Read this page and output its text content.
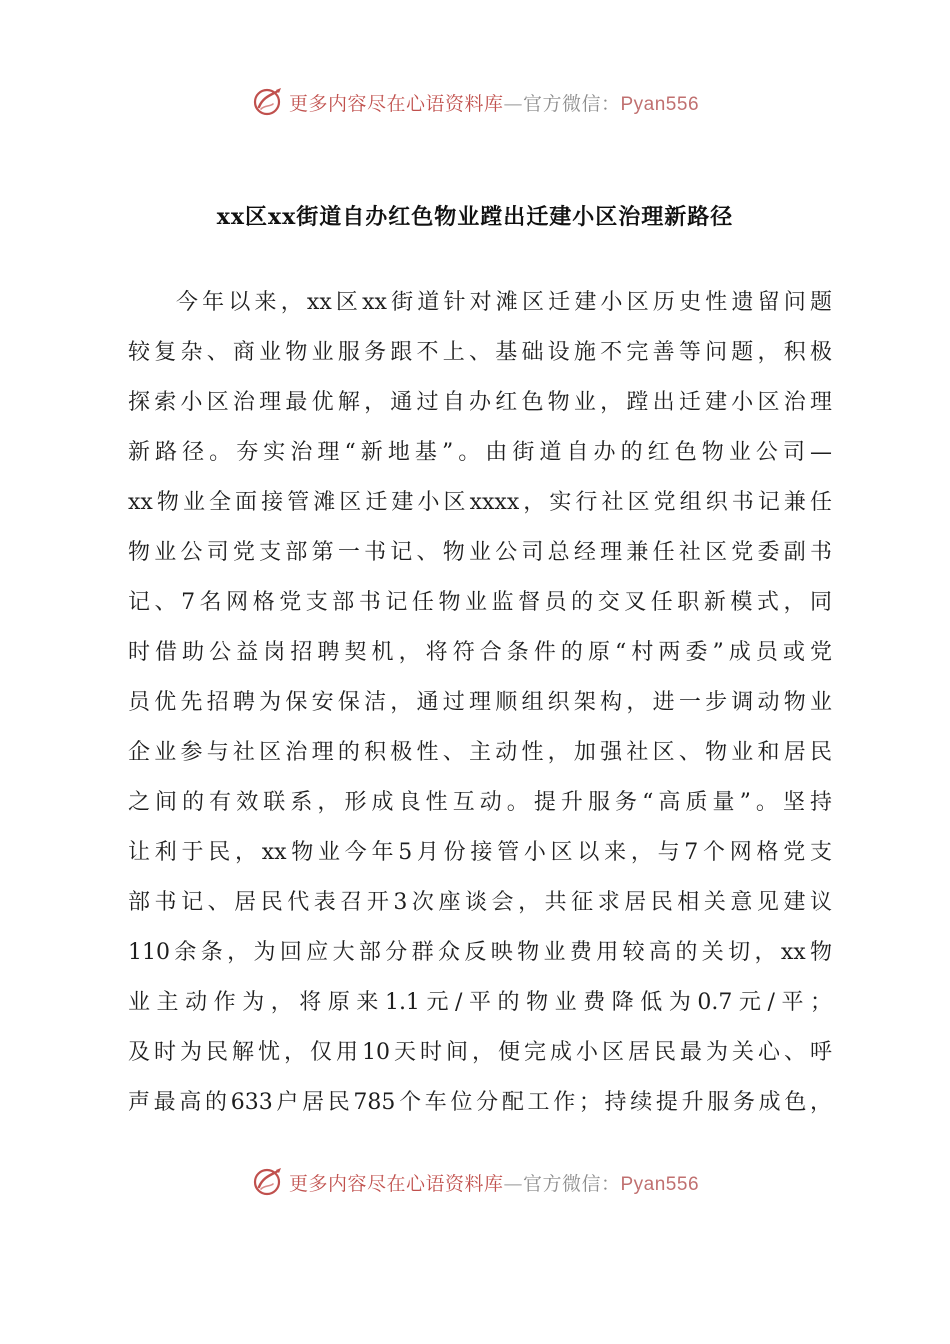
更多内容尽在心语资料库—官方微信：Pyan556
xx区xx街道自办红色物业蹚出迁建小区治理新路径
今年以来，xx区xx街道针对滩区迁建小区历史性遗留问题
较复杂、商业物业服务跟不上、基础设施不完善等问题，积极
探索小区治理最优解，通过自办红色物业，蹚出迁建小区治理
新路径。夯实治理“新地基”。由街道自办的红色物业公司—
xx物业全面接管滩区迁建小区xxxx，实行社区党组织书记兼任
物业公司党支部第一书记、物业公司总经理兼任社区党委副书
记、7名网格党支部书记任物业监督员的交叉任职新模式，同
时借助公益岗招聘契机，将符合条件的原“村两委”成员或党
员优先招聘为保安保洁，通过理顺组织架构，进一步调动物业
企业参与社区治理的积极性、主动性，加强社区、物业和居民
之间的有效联系，形成良性互动。提升服务“高质量”。坚持
让利于民，xx物业今年5月份接管小区以来，与7个网格党支
部书记、居民代表召开3次座谈会，共征求居民相关意见建议
110余条，为回应大部分群众反映物业费用较高的关切，xx物
业主动作为，将原来1.1元/平的物业费降低为0.7元/平；
及时为民解忧，仅用10天时间，便完成小区居民最为关心、呼
声最高的633户居民785个车位分配工作；持续提升服务成色，
更多内容尽在心语资料库—官方微信：Pyan556
